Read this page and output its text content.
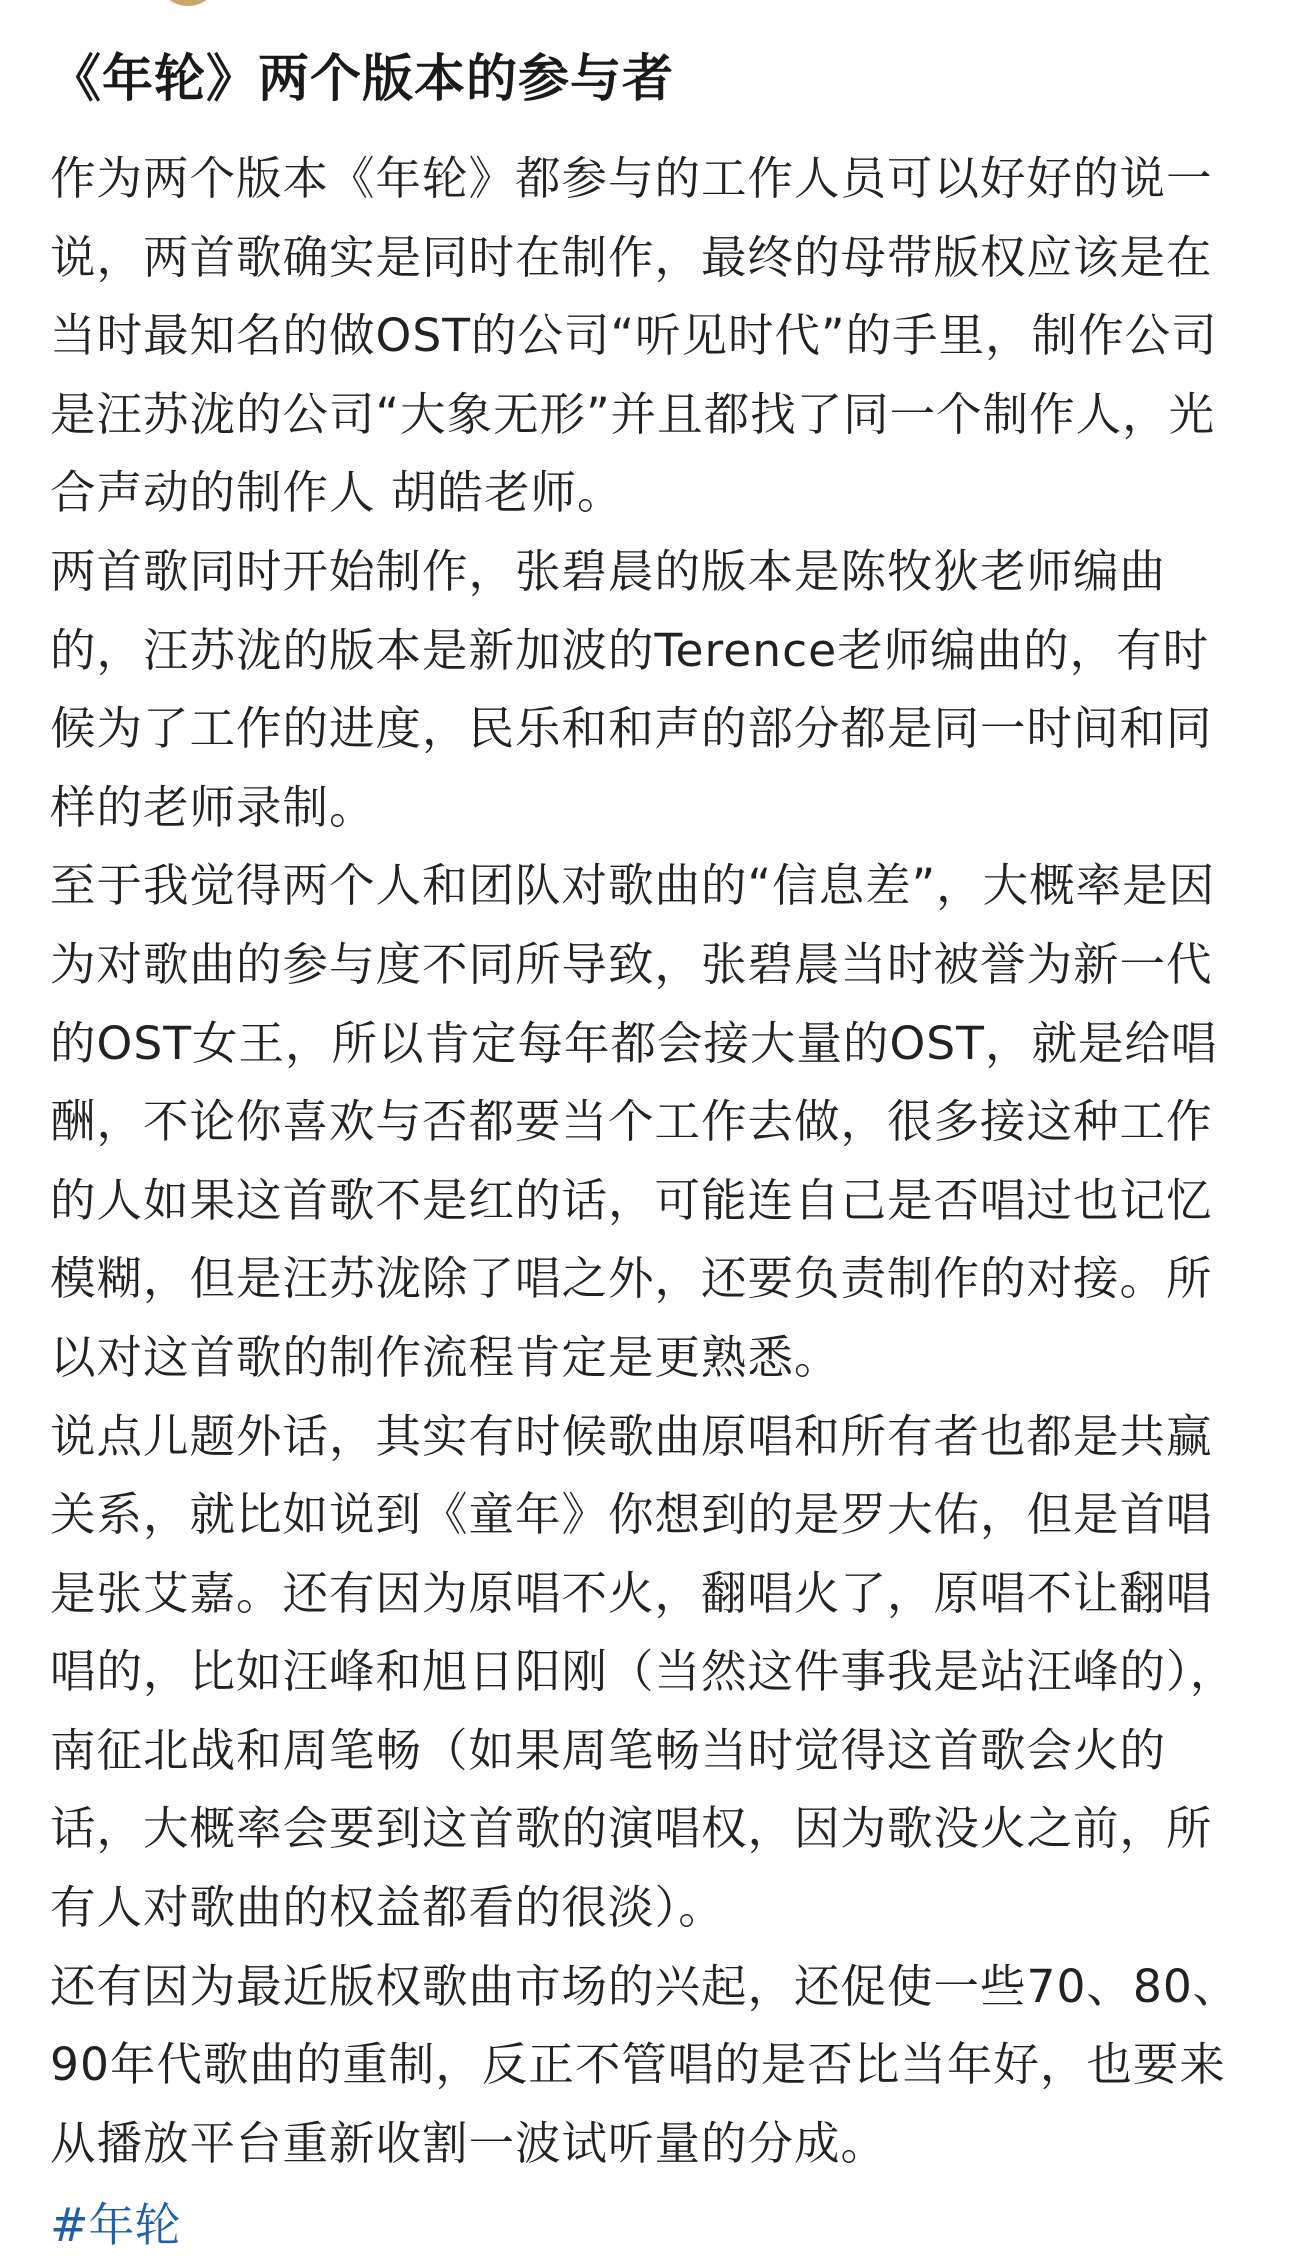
《年轮》两个版本的参与者

作为两个版本《年轮》都参与的工作人员可以好好的说一说，两首歌确实是同时在制作，最终的母带版权应该是在当时最知名的做OST的公司“听见时代”的手里，制作公司是汪苏泷的公司“大象无形”并且都找了同一个制作人，光合声动的制作人 胡皓老师。

两首歌同时开始制作，张碧晨的版本是陈牧狄老师编曲的，汪苏泷的版本是新加波的Terence老师编曲的，有时候为了工作的进度，民乐和和声的部分都是同一时间和同样的老师录制。

至于我觉得两个人和团队对歌曲的“信息差”，大概率是因为对歌曲的参与度不同所导致，张碧晨当时被誉为新一代的OST女王，所以肯定每年都会接大量的OST，就是给唱酬，不论你喜欢与否都要当个工作去做，很多接这种工作的人如果这首歌不是红的话，可能连自己是否唱过也记忆模糊，但是汪苏泷除了唱之外，还要负责制作的对接。所以对这首歌的制作流程肯定是更熟悉。

说点儿题外话，其实有时候歌曲原唱和所有者也都是共赢关系，就比如说到《童年》你想到的是罗大佑，但是首唱是张艾嘉。还有因为原唱不火，翻唱火了，原唱不让翻唱唱的，比如汪峰和旭日阳刚（当然这件事我是站汪峰的），南征北战和周笔畅（如果周笔畅当时觉得这首歌会火的话，大概率会要到这首歌的演唱权，因为歌没火之前，所有人对歌曲的权益都看的很淡）。

还有因为最近版权歌曲市场的兴起，还促使一些70、80、90年代歌曲的重制，反正不管唱的是否比当年好，也要来从播放平台重新收割一波试听量的分成。

#年轮
